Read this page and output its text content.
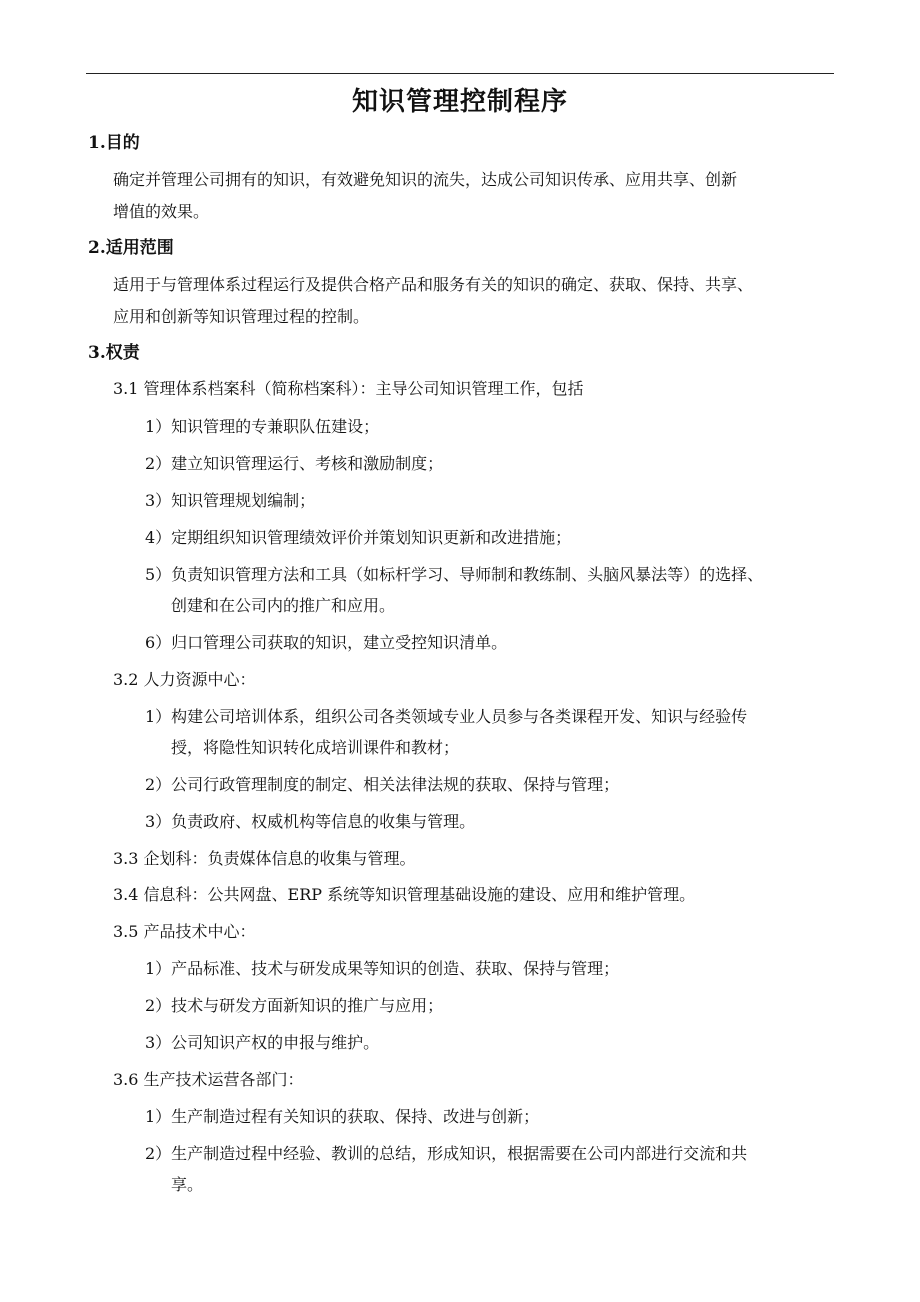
知识管理控制程序
1.目的
确定并管理公司拥有的知识，有效避免知识的流失，达成公司知识传承、应用共享、创新
增值的效果。
2.适用范围
适用于与管理体系过程运行及提供合格产品和服务有关的知识的确定、获取、保持、共享、
应用和创新等知识管理过程的控制。
3.权责
3.1 管理体系档案科（简称档案科）：主导公司知识管理工作，包括
1）知识管理的专兼职队伍建设；
2）建立知识管理运行、考核和激励制度；
3）知识管理规划编制；
4）定期组织知识管理绩效评价并策划知识更新和改进措施；
5）负责知识管理方法和工具（如标杆学习、导师制和教练制、头脑风暴法等）的选择、
创建和在公司内的推广和应用。
6）归口管理公司获取的知识，建立受控知识清单。
3.2 人力资源中心：
1）构建公司培训体系，组织公司各类领域专业人员参与各类课程开发、知识与经验传
授，将隐性知识转化成培训课件和教材；
2）公司行政管理制度的制定、相关法律法规的获取、保持与管理；
3）负责政府、权威机构等信息的收集与管理。
3.3 企划科：负责媒体信息的收集与管理。
3.4 信息科：公共网盘、ERP 系统等知识管理基础设施的建设、应用和维护管理。
3.5 产品技术中心：
1）产品标准、技术与研发成果等知识的创造、获取、保持与管理；
2）技术与研发方面新知识的推广与应用；
3）公司知识产权的申报与维护。
3.6 生产技术运营各部门：
1）生产制造过程有关知识的获取、保持、改进与创新；
2）生产制造过程中经验、教训的总结，形成知识，根据需要在公司内部进行交流和共
享。
